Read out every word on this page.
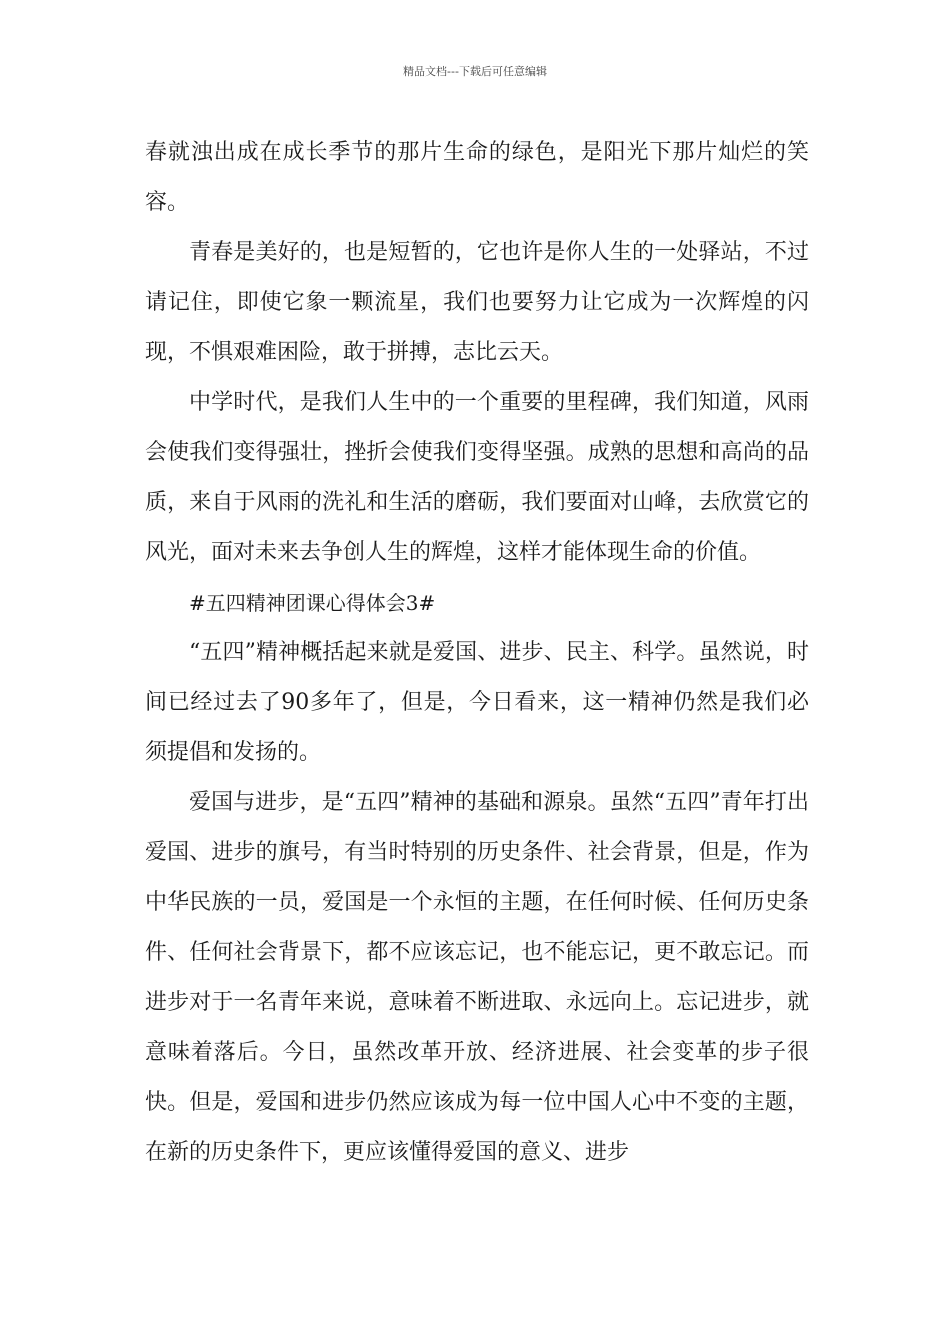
精品文档---下载后可任意编辑

春就浊出成在成长季节的那片生命的绿色，是阳光下那片灿烂的笑容。

青春是美好的，也是短暂的，它也许是你人生的一处驿站，不过请记住，即使它象一颗流星，我们也要努力让它成为一次辉煌的闪现，不惧艰难困险，敢于拼搏，志比云天。

中学时代，是我们人生中的一个重要的里程碑，我们知道，风雨会使我们变得强壮，挫折会使我们变得坚强。成熟的思想和高尚的品质，来自于风雨的洗礼和生活的磨砺，我们要面对山峰，去欣赏它的风光，面对未来去争创人生的辉煌，这样才能体现生命的价值。

#五四精神团课心得体会3#

“五四”精神概括起来就是爱国、进步、民主、科学。虽然说，时间已经过去了90多年了，但是，今日看来，这一精神仍然是我们必须提倡和发扬的。

爱国与进步，是“五四”精神的基础和源泉。虽然“五四”青年打出爱国、进步的旗号，有当时特别的历史条件、社会背景，但是，作为中华民族的一员，爱国是一个永恒的主题，在任何时候、任何历史条件、任何社会背景下，都不应该忘记，也不能忘记，更不敢忘记。而进步对于一名青年来说，意味着不断进取、永远向上。忘记进步，就意味着落后。今日，虽然改革开放、经济进展、社会变革的步子很快。但是，爱国和进步仍然应该成为每一位中国人心中不变的主题，在新的历史条件下，更应该懂得爱国的意义、进步
